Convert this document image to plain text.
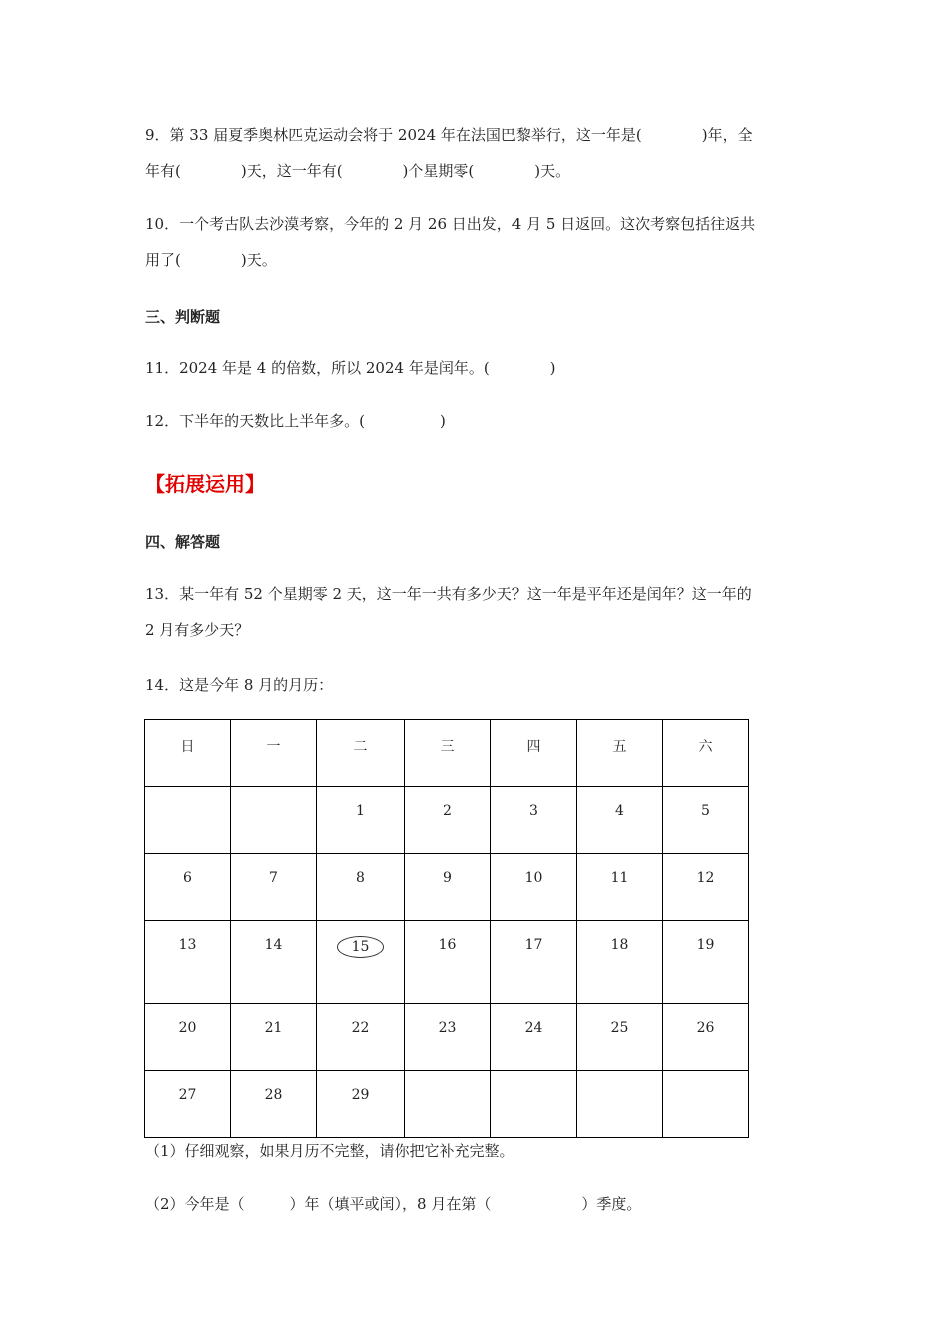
9．第 33 届夏季奥林匹克运动会将于 2024 年在法国巴黎举行，这一年是(　　　　)年，全
年有(　　　　)天，这一年有(　　　　)个星期零(　　　　)天。
10．一个考古队去沙漠考察，今年的 2 月 26 日出发，4 月 5 日返回。这次考察包括往返共
用了(　　　　)天。
三、判断题
11．2024 年是 4 的倍数，所以 2024 年是闰年。(　　　　)
12．下半年的天数比上半年多。(　　　　　)
【拓展运用】
四、解答题
13．某一年有 52 个星期零 2 天，这一年一共有多少天？这一年是平年还是闰年？这一年的
2 月有多少天？
14．这是今年 8 月的月历：
日	一	二	三	四	五	六
		1	2	3	4	5
6	7	8	9	10	11	12
13	14	15	16	17	18	19
20	21	22	23	24	25	26
27	28	29				
（1）仔细观察，如果月历不完整，请你把它补充完整。
（2）今年是（　　　）年（填平或闰），8 月在第（　　　　　　）季度。
